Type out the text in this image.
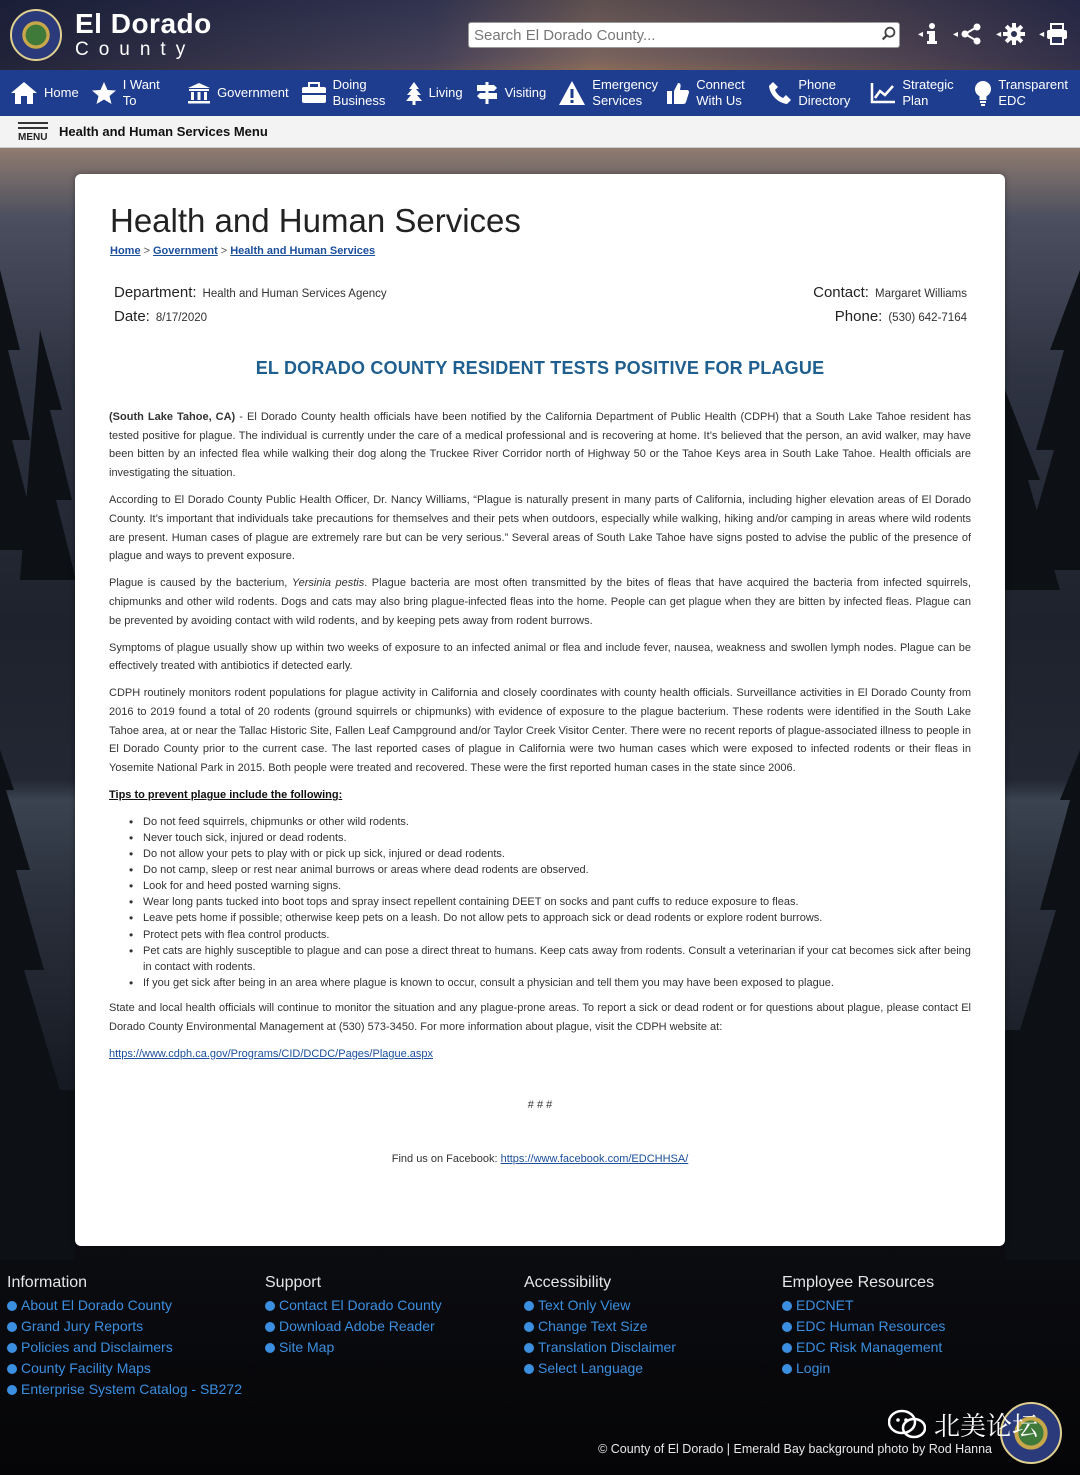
El Dorado
County
Search El Dorado County...
◂	◂	◂	◂
Home
I Want To
Government
Doing Business
Living	Visiting
Emergency Services
Connect With Us
Phone Directory
Strategic Plan
Transparent EDC
MENU Health and Human Services Menu
Health and Human Services
Home > Government > Health and Human Services
Department: Health and Human Services Agency
Date: 8/17/2020
Contact: Margaret Williams
Phone: (530) 642-7164
EL DORADO COUNTY RESIDENT TESTS POSITIVE FOR PLAGUE

(South Lake Tahoe, CA) - El Dorado County health officials have been notified by the California Department of Public Health (CDPH) that a South Lake Tahoe resident has tested positive for plague. The individual is currently under the care of a medical professional and is recovering at home. It’s believed that the person, an avid walker, may have been bitten by an infected flea while walking their dog along the Truckee River Corridor north of Highway 50 or the Tahoe Keys area in South Lake Tahoe. Health officials are investigating the situation.

According to El Dorado County Public Health Officer, Dr. Nancy Williams, “Plague is naturally present in many parts of California, including higher elevation areas of El Dorado County. It’s important that individuals take precautions for themselves and their pets when outdoors, especially while walking, hiking and/or camping in areas where wild rodents are present. Human cases of plague are extremely rare but can be very serious.” Several areas of South Lake Tahoe have signs posted to advise the public of the presence of plague and ways to prevent exposure.

Plague is caused by the bacterium, Yersinia pestis. Plague bacteria are most often transmitted by the bites of fleas that have acquired the bacteria from infected squirrels, chipmunks and other wild rodents. Dogs and cats may also bring plague-infected fleas into the home. People can get plague when they are bitten by infected fleas. Plague can be prevented by avoiding contact with wild rodents, and by keeping pets away from rodent burrows.

Symptoms of plague usually show up within two weeks of exposure to an infected animal or flea and include fever, nausea, weakness and swollen lymph nodes. Plague can be effectively treated with antibiotics if detected early.

CDPH routinely monitors rodent populations for plague activity in California and closely coordinates with county health officials. Surveillance activities in El Dorado County from 2016 to 2019 found a total of 20 rodents (ground squirrels or chipmunks) with evidence of exposure to the plague bacterium. These rodents were identified in the South Lake Tahoe area, at or near the Tallac Historic Site, Fallen Leaf Campground and/or Taylor Creek Visitor Center. There were no recent reports of plague-associated illness to people in El Dorado County prior to the current case. The last reported cases of plague in California were two human cases which were exposed to infected rodents or their fleas in Yosemite National Park in 2015. Both people were treated and recovered. These were the first reported human cases in the state since 2006.

Tips to prevent plague include the following:
• Do not feed squirrels, chipmunks or other wild rodents.
• Never touch sick, injured or dead rodents.
• Do not allow your pets to play with or pick up sick, injured or dead rodents.
• Do not camp, sleep or rest near animal burrows or areas where dead rodents are observed.
• Look for and heed posted warning signs.
• Wear long pants tucked into boot tops and spray insect repellent containing DEET on socks and pant cuffs to reduce exposure to fleas.
• Leave pets home if possible; otherwise keep pets on a leash. Do not allow pets to approach sick or dead rodents or explore rodent burrows.
• Protect pets with flea control products.
• Pet cats are highly susceptible to plague and can pose a direct threat to humans. Keep cats away from rodents. Consult a veterinarian if your cat becomes sick after being in contact with rodents.
• If you get sick after being in an area where plague is known to occur, consult a physician and tell them you may have been exposed to plague.

State and local health officials will continue to monitor the situation and any plague-prone areas. To report a sick or dead rodent or for questions about plague, please contact El Dorado County Environmental Management at (530) 573-3450. For more information about plague, visit the CDPH website at:

https://www.cdph.ca.gov/Programs/CID/DCDC/Pages/Plague.aspx

# # #

Find us on Facebook: https://www.facebook.com/EDCHHSA/

Information
About El Dorado County
Grand Jury Reports
Policies and Disclaimers
County Facility Maps
Enterprise System Catalog - SB272
Support
Contact El Dorado County
Download Adobe Reader
Site Map
Accessibility
Text Only View
Change Text Size
Translation Disclaimer
Select Language
Employee Resources
EDCNET
EDC Human Resources
EDC Risk Management
Login
北美论坛
© County of El Dorado | Emerald Bay background photo by Rod Hanna
